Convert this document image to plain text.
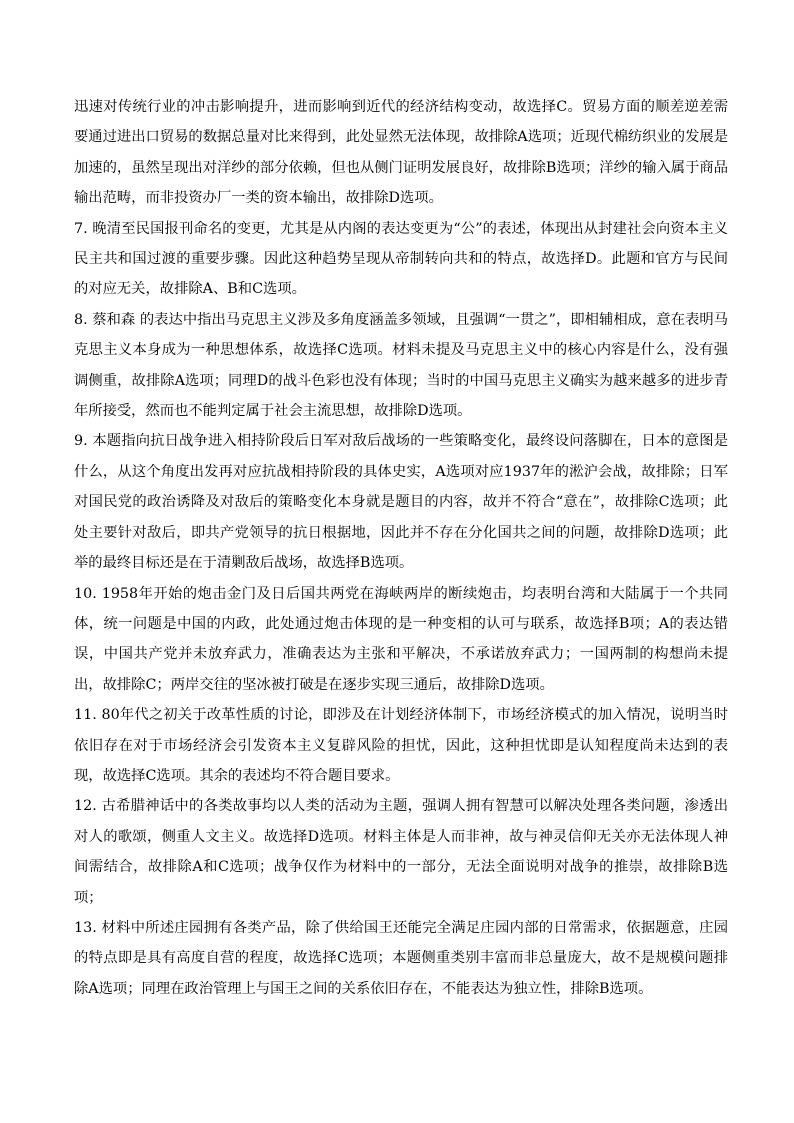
迅速对传统行业的冲击影响提升，进而影响到近代的经济结构变动，故选择C。贸易方面的顺差逆差需要通过进出口贸易的数据总量对比来得到，此处显然无法体现，故排除A选项；近现代棉纺织业的发展是加速的，虽然呈现出对洋纱的部分依赖，但也从侧门证明发展良好，故排除B选项；洋纱的输入属于商品输出范畴，而非投资办厂一类的资本输出，故排除D选项。

7. 晚清至民国报刊命名的变更，尤其是从内阁的表达变更为“公”的表述，体现出从封建社会向资本主义民主共和国过渡的重要步骤。因此这种趋势呈现从帝制转向共和的特点，故选择D。此题和官方与民间的对应无关，故排除A、B和C选项。

8. 蔡和森 的表达中指出马克思主义涉及多角度涵盖多领域，且强调“一贯之”，即相辅相成，意在表明马克思主义本身成为一种思想体系，故选择C选项。材料未提及马克思主义中的核心内容是什么，没有强调侧重，故排除A选项；同理D的战斗色彩也没有体现；当时的中国马克思主义确实为越来越多的进步青年所接受，然而也不能判定属于社会主流思想，故排除D选项。

9. 本题指向抗日战争进入相持阶段后日军对敌后战场的一些策略变化，最终设问落脚在，日本的意图是什么，从这个角度出发再对应抗战相持阶段的具体史实，A选项对应1937年的淞沪会战，故排除；日军对国民党的政治诱降及对敌后的策略变化本身就是题目的内容，故并不符合“意在”，故排除C选项；此处主要针对敌后，即共产党领导的抗日根据地，因此并不存在分化国共之间的问题，故排除D选项；此举的最终目标还是在于清剿敌后战场，故选择B选项。

10. 1958年开始的炮击金门及日后国共两党在海峡两岸的断续炮击，均表明台湾和大陆属于一个共同体，统一问题是中国的内政，此处通过炮击体现的是一种变相的认可与联系，故选择B项；A的表达错误，中国共产党并未放弃武力，准确表达为主张和平解决，不承诺放弃武力；一国两制的构想尚未提出，故排除C；两岸交往的坚冰被打破是在逐步实现三通后，故排除D选项。

11. 80年代之初关于改革性质的讨论，即涉及在计划经济体制下，市场经济模式的加入情况，说明当时依旧存在对于市场经济会引发资本主义复辟风险的担忧，因此，这种担忧即是认知程度尚未达到的表现，故选择C选项。其余的表述均不符合题目要求。

12. 古希腊神话中的各类故事均以人类的活动为主题，强调人拥有智慧可以解决处理各类问题，渗透出对人的歌颂，侧重人文主义。故选择D选项。材料主体是人而非神，故与神灵信仰无关亦无法体现人神间需结合，故排除A和C选项；战争仅作为材料中的一部分，无法全面说明对战争的推崇，故排除B选项；

13. 材料中所述庄园拥有各类产品，除了供给国王还能完全满足庄园内部的日常需求，依据题意，庄园的特点即是具有高度自营的程度，故选择C选项；本题侧重类别丰富而非总量庞大，故不是规模问题排除A选项；同理在政治管理上与国王之间的关系依旧存在，不能表达为独立性，排除B选项。
